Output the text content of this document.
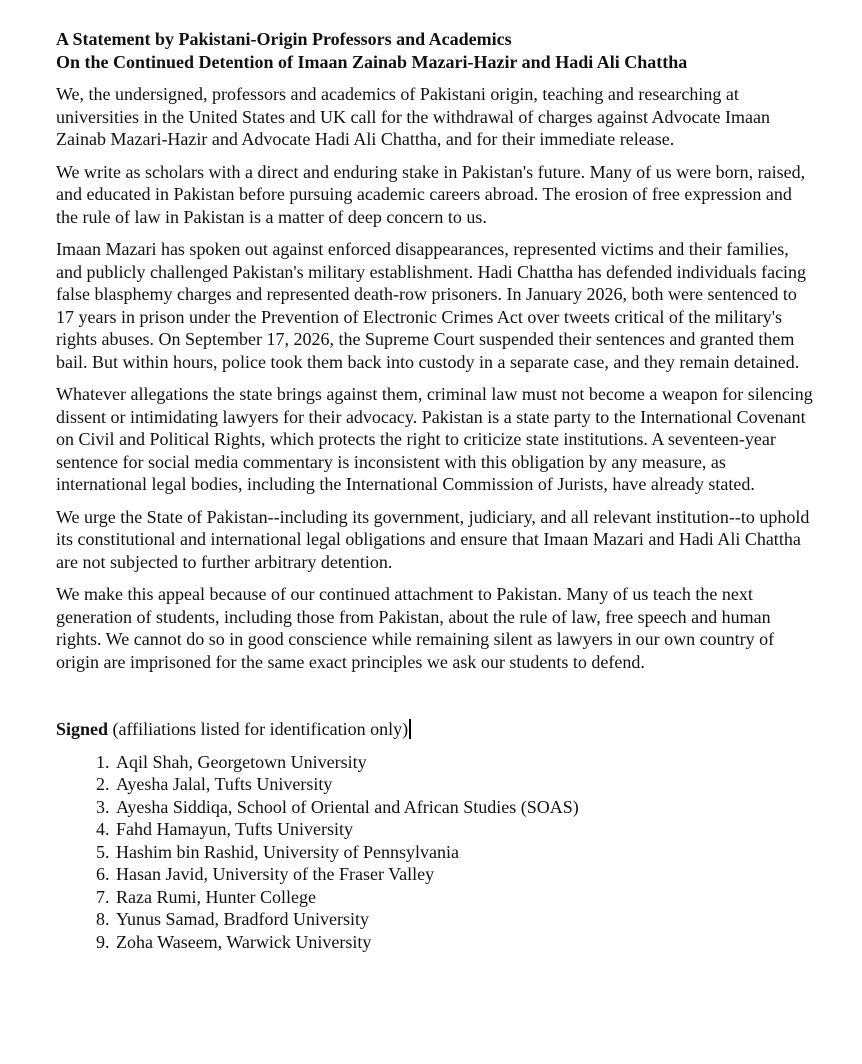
A Statement by Pakistani-Origin Professors and Academics
On the Continued Detention of Imaan Zainab Mazari-Hazir and Hadi Ali Chattha

We, the undersigned, professors and academics of Pakistani origin, teaching and researching at universities in the United States and UK call for the withdrawal of charges against Advocate Imaan Zainab Mazari-Hazir and Advocate Hadi Ali Chattha, and for their immediate release.

We write as scholars with a direct and enduring stake in Pakistan's future. Many of us were born, raised, and educated in Pakistan before pursuing academic careers abroad. The erosion of free expression and the rule of law in Pakistan is a matter of deep concern to us.

Imaan Mazari has spoken out against enforced disappearances, represented victims and their families, and publicly challenged Pakistan's military establishment. Hadi Chattha has defended individuals facing false blasphemy charges and represented death-row prisoners. In January 2026, both were sentenced to 17 years in prison under the Prevention of Electronic Crimes Act over tweets critical of the military's rights abuses. On September 17, 2026, the Supreme Court suspended their sentences and granted them bail. But within hours, police took them back into custody in a separate case, and they remain detained.

Whatever allegations the state brings against them, criminal law must not become a weapon for silencing dissent or intimidating lawyers for their advocacy. Pakistan is a state party to the International Covenant on Civil and Political Rights, which protects the right to criticize state institutions. A seventeen-year sentence for social media commentary is inconsistent with this obligation by any measure, as international legal bodies, including the International Commission of Jurists, have already stated.

We urge the State of Pakistan--including its government, judiciary, and all relevant institution--to uphold its constitutional and international legal obligations and ensure that Imaan Mazari and Hadi Ali Chattha are not subjected to further arbitrary detention.

We make this appeal because of our continued attachment to Pakistan. Many of us teach the next generation of students, including those from Pakistan, about the rule of law, free speech and human rights. We cannot do so in good conscience while remaining silent as lawyers in our own country of origin are imprisoned for the same exact principles we ask our students to defend.

Signed (affiliations listed for identification only)
1. Aqil Shah, Georgetown University
2. Ayesha Jalal, Tufts University
3. Ayesha Siddiqa, School of Oriental and African Studies (SOAS)
4. Fahd Hamayun, Tufts University
5. Hashim bin Rashid, University of Pennsylvania
6. Hasan Javid, University of the Fraser Valley
7. Raza Rumi, Hunter College
8. Yunus Samad, Bradford University
9. Zoha Waseem, Warwick University
